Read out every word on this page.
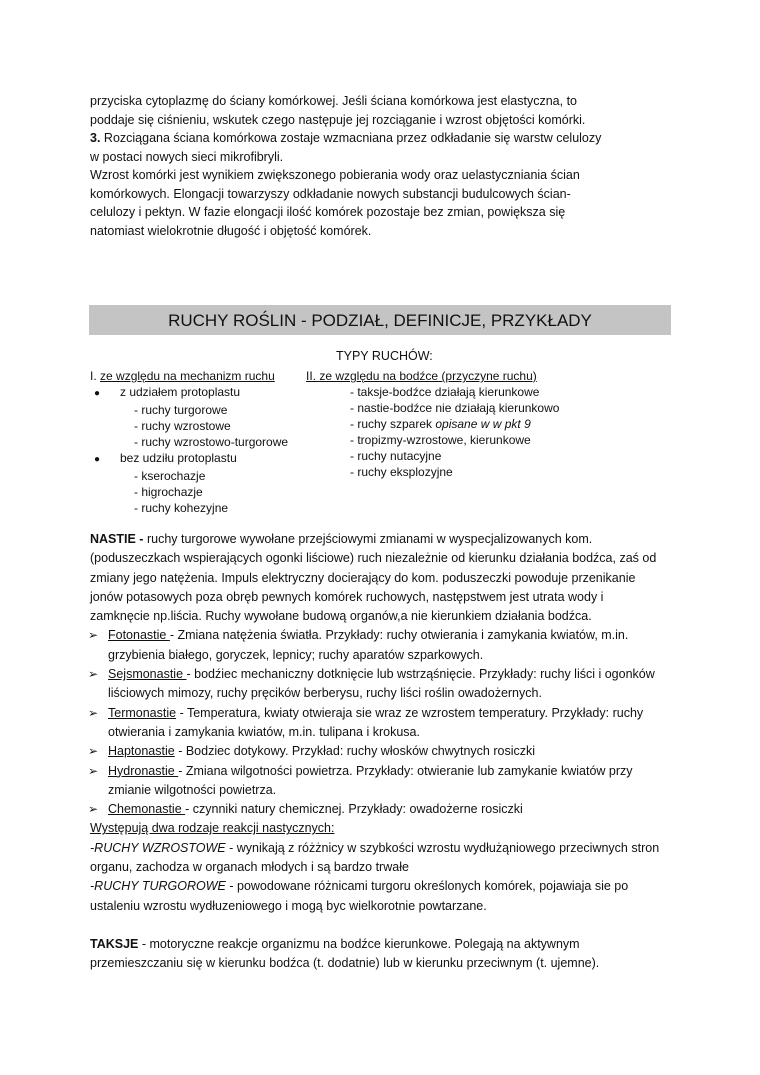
przyciska cytoplazmę do ściany komórkowej. Jeśli ściana komórkowa jest elastyczna, to

poddaje się ciśnieniu, wskutek czego następuje jej rozciąganie i wzrost objętości komórki.

3. Rozciągana ściana komórkowa zostaje wzmacniana przez odkładanie się warstw celulozy

w postaci nowych sieci mikrofibryli.

Wzrost komórki jest wynikiem zwiększonego pobierania wody oraz uelastyczniania ścian

komórkowych. Elongacji towarzyszy odkładanie nowych substancji budulcowych ścian-

celulozy i pektyn. W fazie elongacji ilość komórek pozostaje bez zmian, powiększa się

natomiast wielokrotnie długość i objętość komórek.

RUCHY ROŚLIN - PODZIAŁ, DEFINICJE, PRZYKŁADY
TYPY RUCHÓW:
I. ze względu na mechanizm ruchu
● z udziałem protoplastu
- ruchy turgorowe
- ruchy wzrostowe
- ruchy wzrostowo-turgorowe
● bez udziłu protoplastu
- kserochazje
- higrochazje
- ruchy kohezyjne
II. ze względu na bodźce (przyczyne ruchu)
- taksje-bodźce działają kierunkowe
- nastie-bodźce nie działają kierunkowo
- ruchy szparek opisane w w pkt 9
- tropizmy-wzrostowe, kierunkowe
- ruchy nutacyjne
- ruchy eksplozyjne

NASTIE - ruchy turgorowe wywołane przejściowymi zmianami w wyspecjalizowanych kom.

(poduszeczkach wspierających ogonki liściowe) ruch niezależnie od kierunku działania bodźca, zaś od

zmiany jego natężenia. Impuls elektryczny docierający do kom. poduszeczki powoduje przenikanie

jonów potasowych poza obręb pewnych komórek ruchowych, następstwem jest utrata wody i

zamknęcie np.liścia. Ruchy wywołane budową organów,a nie kierunkiem działania bodźca.

➢ Fotonastie - Zmiana natężenia światła. Przykłady: ruchy otwierania i zamykania kwiatów, m.in.

grzybienia białego, goryczek, lepnicy; ruchy aparatów szparkowych.

➢ Sejsmonastie - bodźiec mechaniczny dotknięcie lub wstrząśnięcie. Przykłady: ruchy liści i ogonków

liściowych mimozy, ruchy pręcików berberysu, ruchy liści roślin owadożernych.

➢ Termonastie - Temperatura, kwiaty otwieraja sie wraz ze wzrostem temperatury. Przykłady: ruchy

otwierania i zamykania kwiatów, m.in. tulipana i krokusa.

➢ Haptonastie - Bodziec dotykowy. Przykład: ruchy włosków chwytnych rosiczki

➢ Hydronastie - Zmiana wilgotności powietrza. Przykłady: otwieranie lub zamykanie kwiatów przy

zmianie wilgotności powietrza.

➢ Chemonastie - czynniki natury chemicznej. Przykłady: owadożerne rosiczki

Występują dwa rodzaje reakcji nastycznych:

-RUCHY WZROSTOWE - wynikają z różżnicy w szybkości wzrostu wydłużąniowego przeciwnych stron

organu, zachodza w organach młodych i są bardzo trwałe

-RUCHY TURGOROWE - powodowane różnicami turgoru określonych komórek, pojawiaja sie po

ustaleniu wzrostu wydłuzeniowego i mogą byc wielkorotnie powtarzane.

TAKSJE - motoryczne reakcje organizmu na bodźce kierunkowe. Polegają na aktywnym

przemieszczaniu się w kierunku bodźca (t. dodatnie) lub w kierunku przeciwnym (t. ujemne).
